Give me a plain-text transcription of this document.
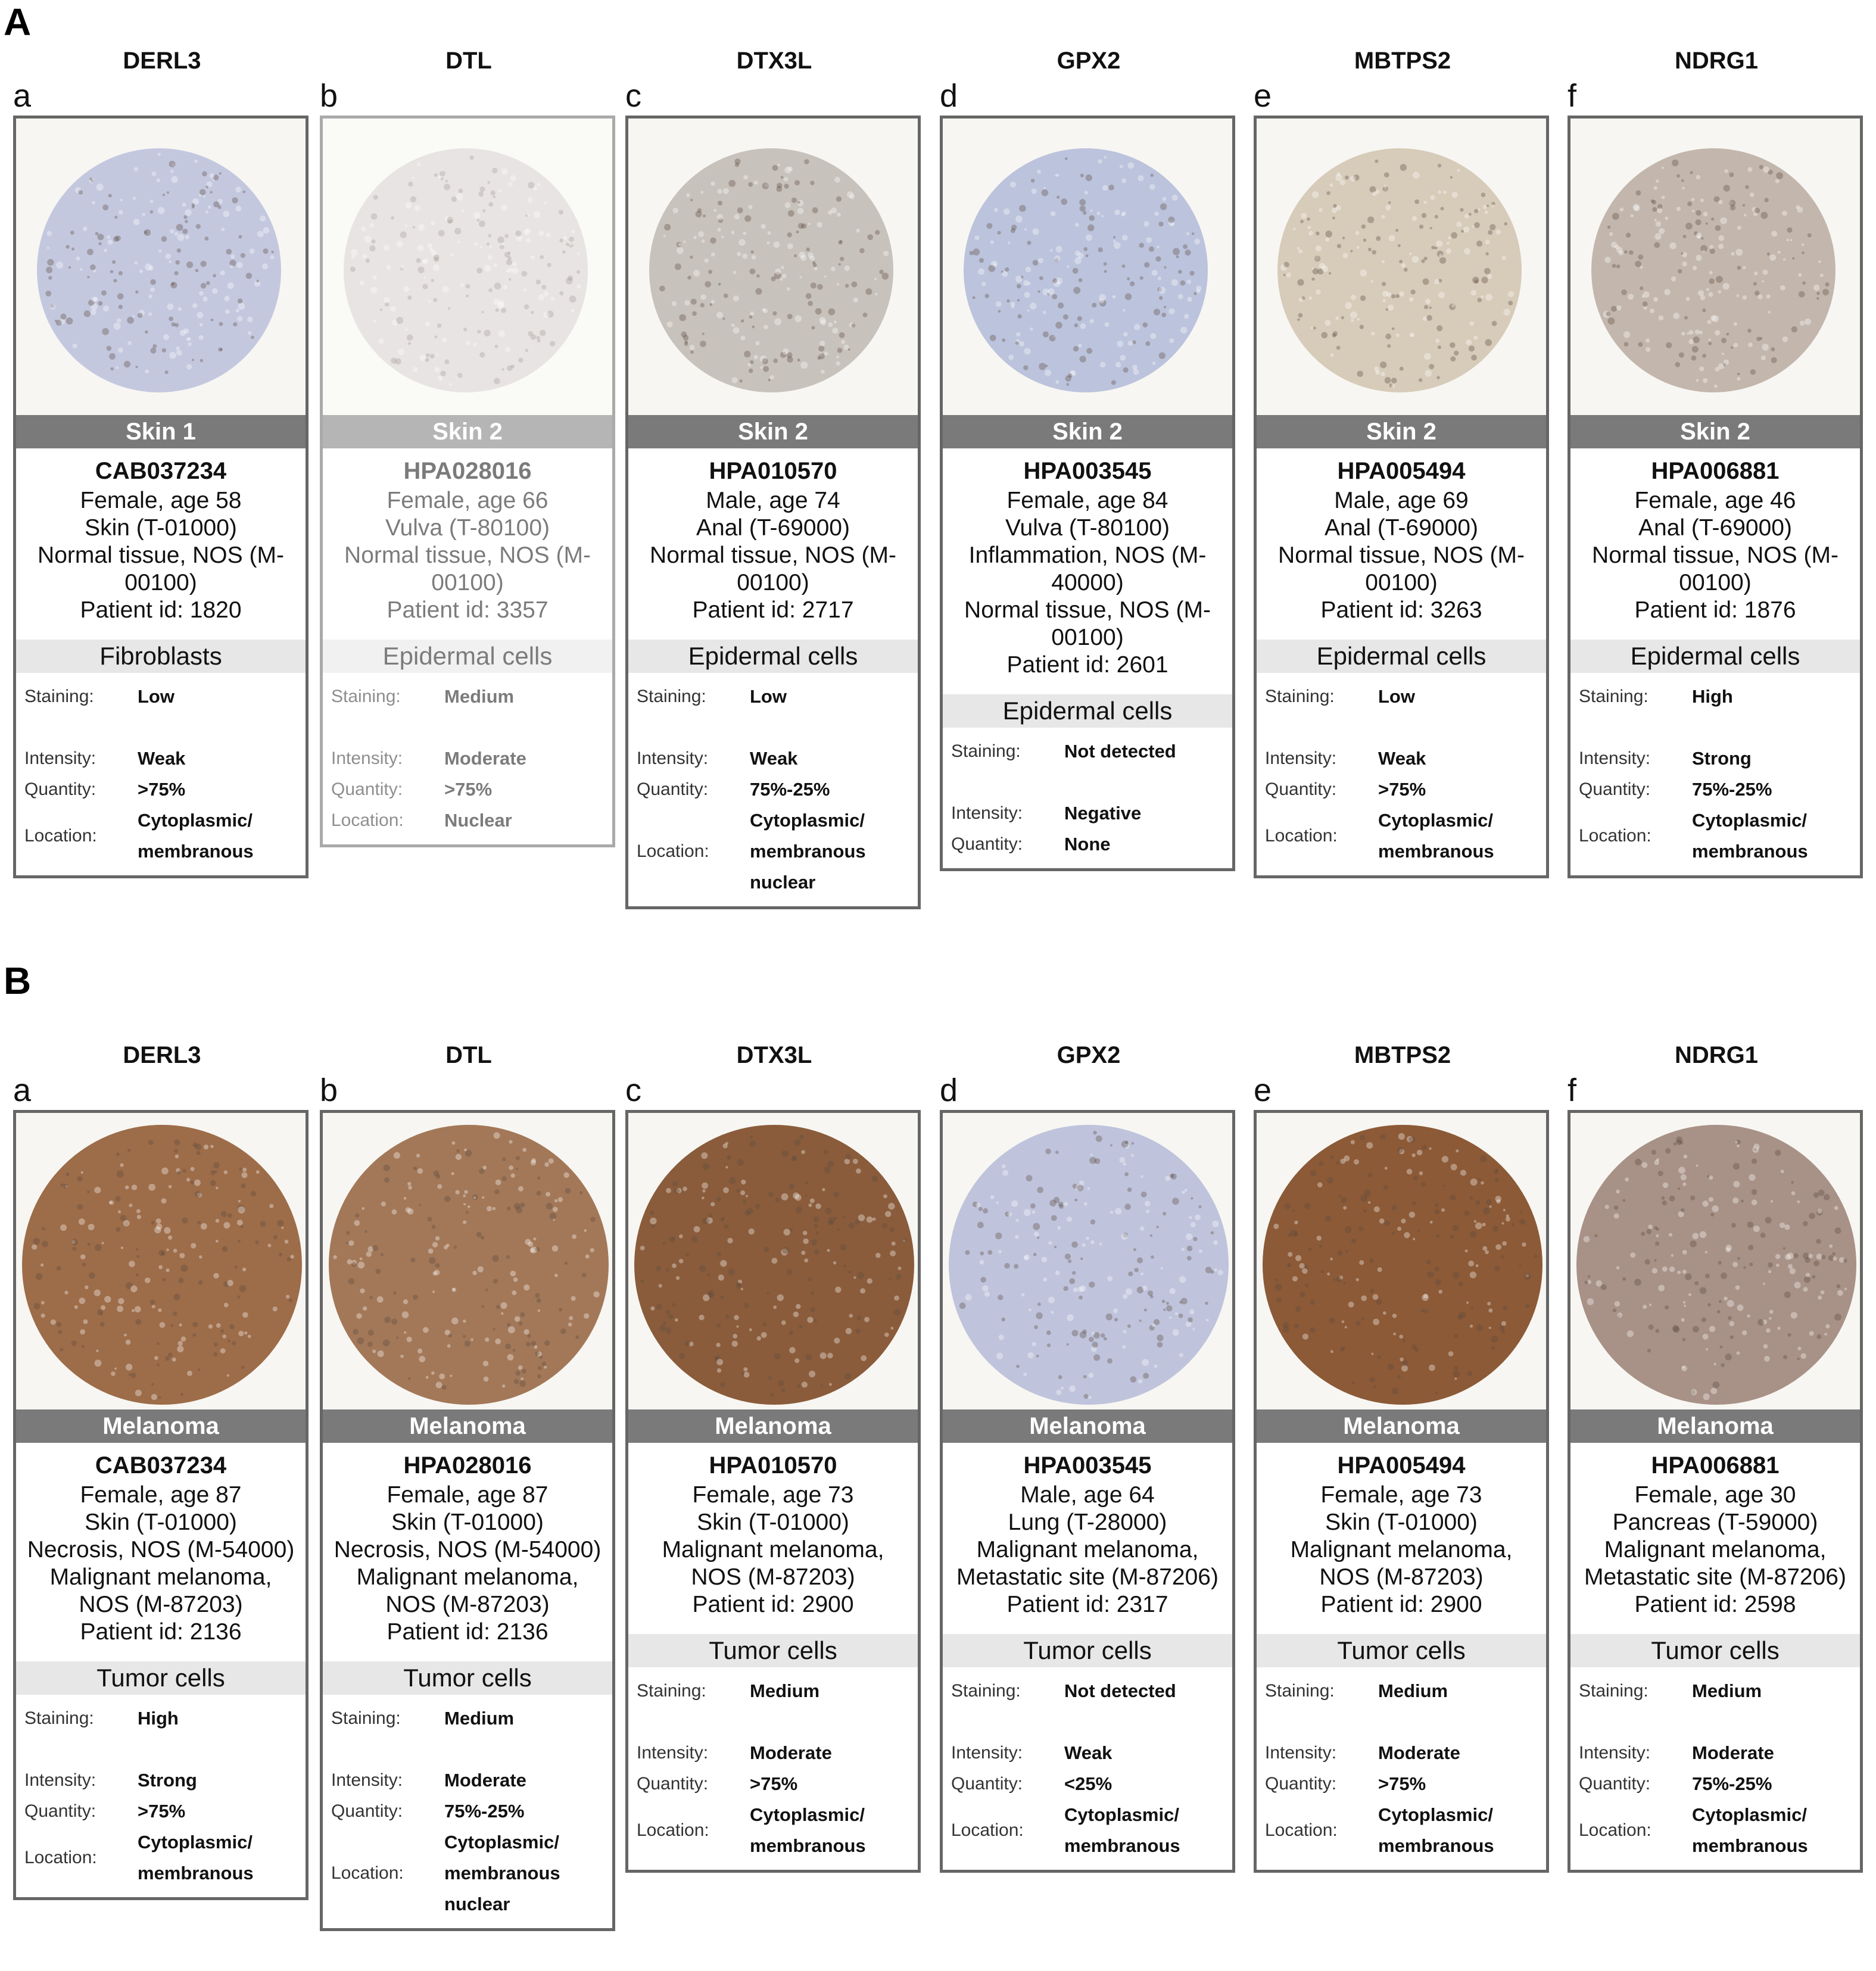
A
DERL3
a
Skin 1
CAB037234
Female, age 58
Skin (T-01000)
Normal tissue, NOS (M-
00100)
Patient id: 1820
Fibroblasts
Staining:	Low
Intensity:	Weak
Quantity:	>75%
Location:
Cytoplasmic/
membranous
DTL
b
Skin 2
HPA028016
Female, age 66
Vulva (T-80100)
Normal tissue, NOS (M-
00100)
Patient id: 3357
Epidermal cells
Staining:	Medium
Intensity:	Moderate
Quantity:	>75%
Location:	Nuclear
DTX3L
c
Skin 2
HPA010570
Male, age 74
Anal (T-69000)
Normal tissue, NOS (M-
00100)
Patient id: 2717
Epidermal cells
Staining:	Low
Intensity:	Weak
Quantity:	75%-25%
Location:
Cytoplasmic/
membranous
nuclear
GPX2
d
Skin 2
HPA003545
Female, age 84
Vulva (T-80100)
Inflammation, NOS (M-
40000)
Normal tissue, NOS (M-
00100)
Patient id: 2601
Epidermal cells
Staining:	Not detected
Intensity:	Negative
Quantity:	None
MBTPS2
e
Skin 2
HPA005494
Male, age 69
Anal (T-69000)
Normal tissue, NOS (M-
00100)
Patient id: 3263
Epidermal cells
Staining:	Low
Intensity:	Weak
Quantity:	>75%
Location:
Cytoplasmic/
membranous
NDRG1
f
Skin 2
HPA006881
Female, age 46
Anal (T-69000)
Normal tissue, NOS (M-
00100)
Patient id: 1876
Epidermal cells
Staining:	High
Intensity:	Strong
Quantity:	75%-25%
Location:
Cytoplasmic/
membranous
B
DERL3
a
Melanoma
CAB037234
Female, age 87
Skin (T-01000)
Necrosis, NOS (M-54000)
Malignant melanoma,
NOS (M-87203)
Patient id: 2136
Tumor cells
Staining:	High
Intensity:	Strong
Quantity:	>75%
Location:
Cytoplasmic/
membranous
DTL
b
Melanoma
HPA028016
Female, age 87
Skin (T-01000)
Necrosis, NOS (M-54000)
Malignant melanoma,
NOS (M-87203)
Patient id: 2136
Tumor cells
Staining:	Medium
Intensity:	Moderate
Quantity:	75%-25%
Location:
Cytoplasmic/
membranous
nuclear
DTX3L
c
Melanoma
HPA010570
Female, age 73
Skin (T-01000)
Malignant melanoma,
NOS (M-87203)
Patient id: 2900
Tumor cells
Staining:	Medium
Intensity:	Moderate
Quantity:	>75%
Location:
Cytoplasmic/
membranous
GPX2
d
Melanoma
HPA003545
Male, age 64
Lung (T-28000)
Malignant melanoma,
Metastatic site (M-87206)
Patient id: 2317
Tumor cells
Staining:	Not detected
Intensity:	Weak
Quantity:	<25%
Location:
Cytoplasmic/
membranous
MBTPS2
e
Melanoma
HPA005494
Female, age 73
Skin (T-01000)
Malignant melanoma,
NOS (M-87203)
Patient id: 2900
Tumor cells
Staining:	Medium
Intensity:	Moderate
Quantity:	>75%
Location:
Cytoplasmic/
membranous
NDRG1
f
Melanoma
HPA006881
Female, age 30
Pancreas (T-59000)
Malignant melanoma,
Metastatic site (M-87206)
Patient id: 2598
Tumor cells
Staining:	Medium
Intensity:	Moderate
Quantity:	75%-25%
Location:
Cytoplasmic/
membranous
